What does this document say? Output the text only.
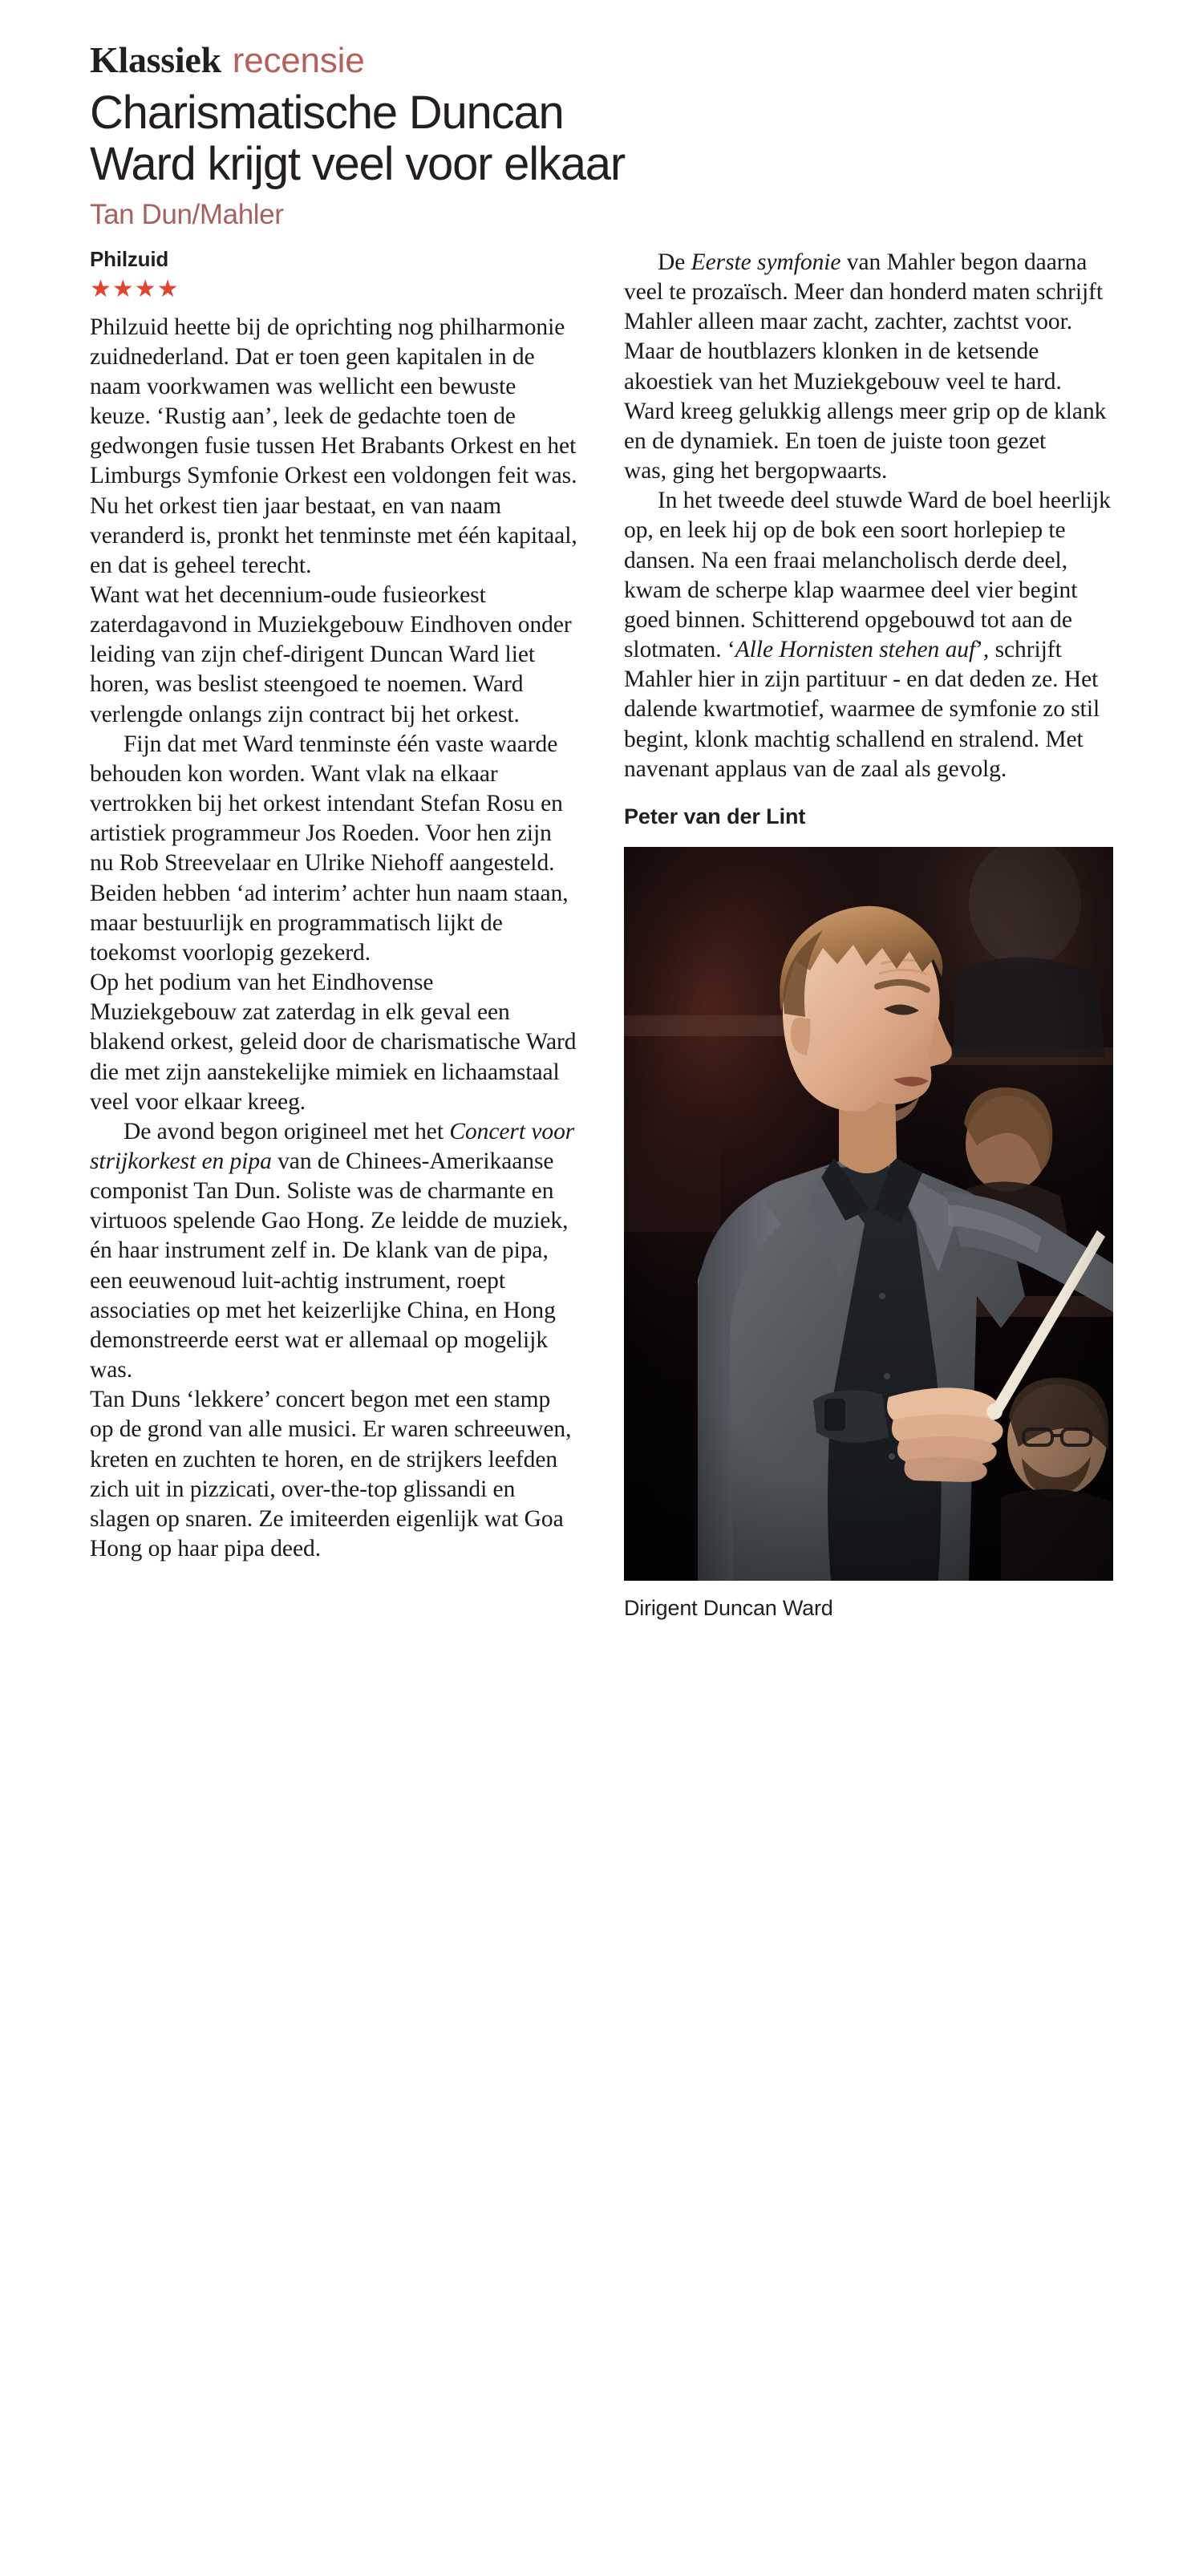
Klassiek recensie
Charismatische Duncan
Ward krijgt veel voor elkaar
Tan Dun/Mahler
Philzuid
★★★★

Philzuid heette bij de oprichting nog philharmonie zuidnederland. Dat er toen geen kapitalen in de naam voorkwamen was wellicht een bewuste keuze. ‘Rustig aan’, leek de gedachte toen de gedwongen fusie tussen Het Brabants Orkest en het Limburgs Symfonie Orkest een voldongen feit was. Nu het orkest tien jaar bestaat, en van naam veranderd is, pronkt het tenminste met één kapitaal, en dat is geheel terecht.

Want wat het decennium-oude fusieorkest zaterdagavond in Muziekgebouw Eindhoven onder leiding van zijn chef-dirigent Duncan Ward liet horen, was beslist steengoed te noemen. Ward verlengde onlangs zijn contract bij het orkest.

Fijn dat met Ward tenminste één vaste waarde behouden kon worden. Want vlak na elkaar vertrokken bij het orkest intendant Stefan Rosu en artistiek programmeur Jos Roeden. Voor hen zijn nu Rob Streevelaar en Ulrike Niehoff aangesteld. Beiden hebben ‘ad interim’ achter hun naam staan, maar bestuurlijk en programmatisch lijkt de toekomst voorlopig gezekerd.

Op het podium van het Eindhovense Muziekgebouw zat zaterdag in elk geval een blakend orkest, geleid door de charismatische Ward die met zijn aanstekelijke mimiek en lichaamstaal veel voor elkaar kreeg.

De avond begon origineel met het Concert voor strijkorkest en pipa van de Chinees-Amerikaanse componist Tan Dun. Soliste was de charmante en virtuoos spelende Gao Hong. Ze leidde de muziek, én haar instrument zelf in. De klank van de pipa, een eeuwenoud luit-achtig instrument, roept associaties op met het keizerlijke China, en Hong demonstreerde eerst wat er allemaal op mogelijk was.

Tan Duns ‘lekkere’ concert begon met een stamp op de grond van alle musici. Er waren schreeuwen, kreten en zuchten te horen, en de strijkers leefden zich uit in pizzicati, over-the-top glissandi en slagen op snaren. Ze imiteerden eigenlijk wat Goa Hong op haar pipa deed.

De Eerste symfonie van Mahler begon daarna veel te prozaïsch. Meer dan honderd maten schrijft Mahler alleen maar zacht, zachter, zachtst voor. Maar de houtblazers klonken in de ketsende akoestiek van het Muziekgebouw veel te hard. Ward kreeg gelukkig allengs meer grip op de klank en de dynamiek. En toen de juiste toon gezet

was, ging het bergopwaarts.

In het tweede deel stuwde Ward de boel heerlijk op, en leek hij op de bok een soort horlepiep te dansen. Na een fraai melancholisch derde deel, kwam de scherpe klap waarmee deel vier begint goed binnen. Schitterend opgebouwd tot aan de slotmaten. ‘Alle Hornisten stehen auf’, schrijft Mahler hier in zijn partituur - en dat deden ze. Het dalende kwartmotief, waarmee de symfonie zo stil begint, klonk machtig schallend en stralend. Met navenant applaus van de zaal als gevolg.

Peter van der Lint
Dirigent Duncan Ward
